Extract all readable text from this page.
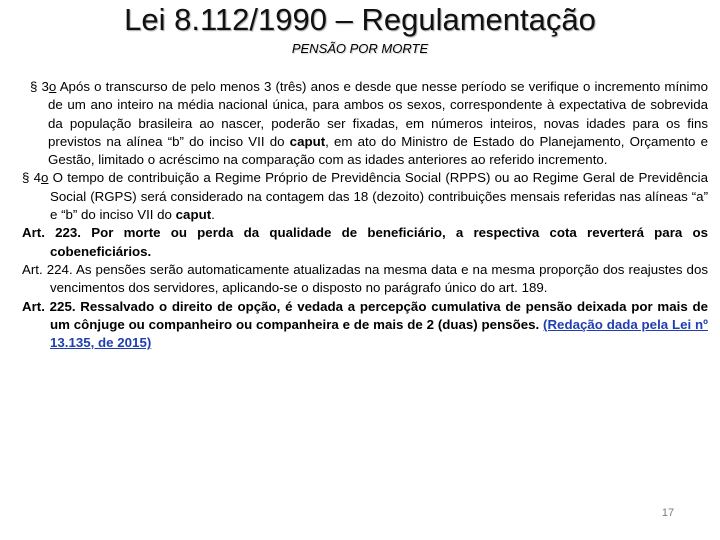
Lei 8.112/1990 – Regulamentação
PENSÃO POR MORTE

§ 3o Após o transcurso de pelo menos 3 (três) anos e desde que nesse período se verifique o incremento mínimo de um ano inteiro na média nacional única, para ambos os sexos, correspondente à expectativa de sobrevida da população brasileira ao nascer, poderão ser fixadas, em números inteiros, novas idades para os fins previstos na alínea “b” do inciso VII do caput, em ato do Ministro de Estado do Planejamento, Orçamento e Gestão, limitado o acréscimo na comparação com as idades anteriores ao referido incremento.

§ 4o O tempo de contribuição a Regime Próprio de Previdência Social (RPPS) ou ao Regime Geral de Previdência Social (RGPS) será considerado na contagem das 18 (dezoito) contribuições mensais referidas nas alíneas “a” e “b” do inciso VII do caput.

Art. 223. Por morte ou perda da qualidade de beneficiário, a respectiva cota reverterá para os cobeneficiários.

Art. 224. As pensões serão automaticamente atualizadas na mesma data e na mesma proporção dos reajustes dos vencimentos dos servidores, aplicando-se o disposto no parágrafo único do art. 189.

Art. 225. Ressalvado o direito de opção, é vedada a percepção cumulativa de pensão deixada por mais de um cônjuge ou companheiro ou companheira e de mais de 2 (duas) pensões. (Redação dada pela Lei nº 13.135, de 2015)

17
